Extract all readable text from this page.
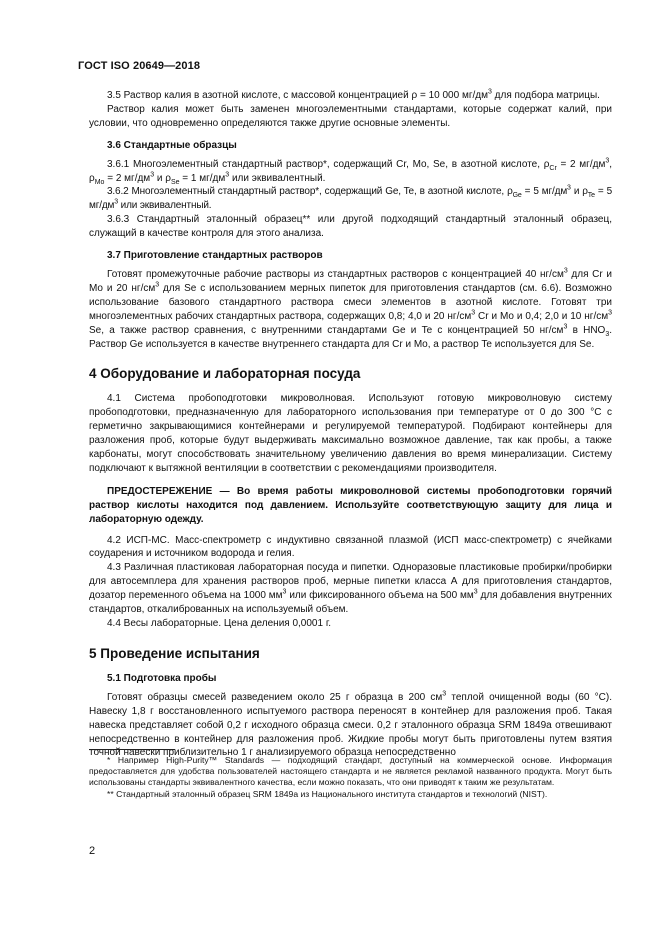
ГОСТ ISO 20649—2018

3.5 Раствор калия в азотной кислоте, с массовой концентрацией ρ = 10 000 $мг/дм^3$ для подбора матрицы.

Раствор калия может быть заменен многоэлементными стандартами, которые содержат калий, при условии, что одновременно определяются также другие основные элементы.

3.6 Стандартные образцы

3.6.1 Многоэлементный стандартный раствор*, содержащий Cr, Mo, Se, в азотной кислоте, $\rho_{Cr} = 2$ $мг/дм^3$, $\rho_{Mo} = 2$ $мг/дм^3$ и $\rho_{Se} = 1$ $мг/дм^3$ или эквивалентный.

3.6.2 Многоэлементный стандартный раствор*, содержащий Ge, Te, в азотной кислоте, $\rho_{Ge} = 5$ $мг/дм^3$ и $\rho_{Te} = 5$ $мг/дм^3$ или эквивалентный.

3.6.3 Стандартный эталонный образец** или другой подходящий стандартный эталонный образец, служащий в качестве контроля для этого анализа.

3.7 Приготовление стандартных растворов

Готовят промежуточные рабочие растворы из стандартных растворов с концентрацией 40 $нг/см^3$ для Cr и Mo и 20 $нг/см^3$ для Se с использованием мерных пипеток для приготовления стандартов (см. 6.6). Возможно использование базового стандартного раствора смеси элементов в азотной кислоте. Готовят три многоэлементных рабочих стандартных раствора, содержащих 0,8; 4,0 и 20 $нг/см^3$ Cr и Mo и 0,4; 2,0 и 10 $нг/см^3$ Se, а также раствор сравнения, с внутренними стандартами Ge и Te с концентрацией 50 $нг/см^3$ в $HNO_3$. Раствор Ge используется в качестве внутреннего стандарта для Cr и Mo, а раствор Te используется для Se.

4 Оборудование и лабораторная посуда

4.1 Система пробоподготовки микроволновая. Используют готовую микроволновую систему пробоподготовки, предназначенную для лабораторного использования при температуре от 0 до 300 °С с герметично закрывающимися контейнерами и регулируемой температурой. Подбирают контейнеры для разложения проб, которые будут выдерживать максимально возможное давление, так как пробы, а также карбонаты, могут способствовать значительному увеличению давления во время минерализации. Систему подключают к вытяжной вентиляции в соответствии с рекомендациями производителя.

ПРЕДОСТЕРЕЖЕНИЕ — Во время работы микроволновой системы пробоподготовки горячий раствор кислоты находится под давлением. Используйте соответствующую защиту для лица и лабораторную одежду.

4.2 ИСП-МС. Масс-спектрометр с индуктивно связанной плазмой (ИСП масс-спектрометр) с ячейками соударения и источником водорода и гелия.

4.3 Различная пластиковая лабораторная посуда и пипетки. Одноразовые пластиковые пробирки/пробирки для автосемплера для хранения растворов проб, мерные пипетки класса А для приготовления стандартов, дозатор переменного объема на 1000 $мм^3$ или фиксированного объема на 500 $мм^3$ для добавления внутренних стандартов, откалиброванных на используемый объем.

4.4 Весы лабораторные. Цена деления 0,0001 г.

5 Проведение испытания

5.1 Подготовка пробы

Готовят образцы смесей разведением около 25 г образца в 200 $см^3$ теплой очищенной воды (60 °С). Навеску 1,8 г восстановленного испытуемого раствора переносят в контейнер для разложения проб. Такая навеска представляет собой 0,2 г исходного образца смеси. 0,2 г эталонного образца SRM 1849а отвешивают непосредственно в контейнер для разложения проб. Жидкие пробы могут быть приготовлены путем взятия точной навески приблизительно 1 г анализируемого образца непосредственно

* Например High-Purity™ Standards — подходящий стандарт, доступный на коммерческой основе. Информация предоставляется для удобства пользователей настоящего стандарта и не является рекламой названного продукта. Могут быть использованы стандарты эквивалентного качества, если можно показать, что они приводят к таким же результатам.

** Стандартный эталонный образец SRM 1849а из Национального института стандартов и технологий (NIST).

2
